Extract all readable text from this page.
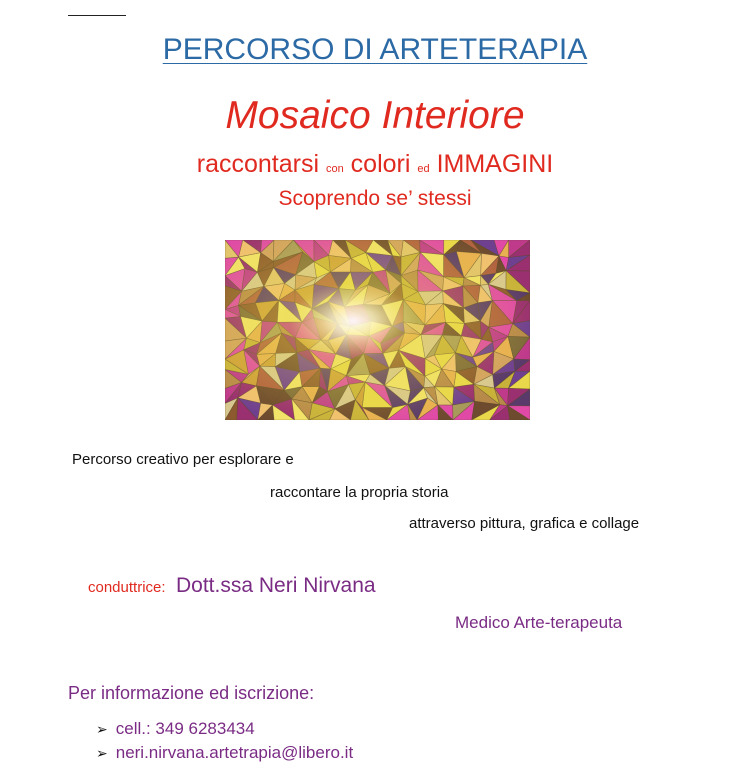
PERCORSO DI ARTETERAPIA
Mosaico Interiore
raccontarsi con colori ed IMMAGINI
Scoprendo se’ stessi
Percorso creativo per esplorare e
raccontare la propria storia
attraverso pittura, grafica e collage
conduttrice: Dott.ssa Neri Nirvana
Medico Arte-terapeuta
Per informazione ed iscrizione:
➢ cell.: 349 6283434
➢ neri.nirvana.artetrapia@libero.it
